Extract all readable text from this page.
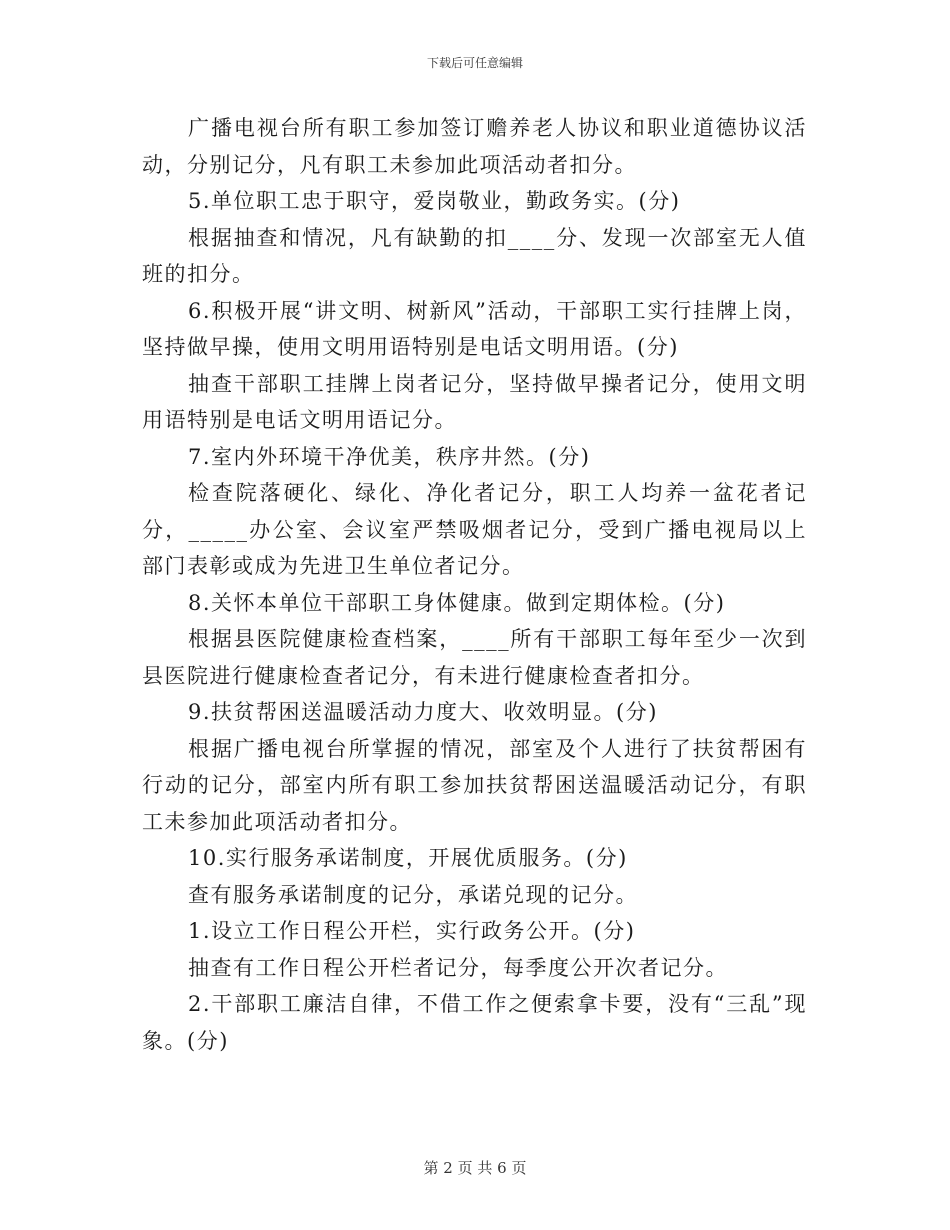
下载后可任意编辑

广播电视台所有职工参加签订赡养老人协议和职业道德协议活动，分别记分，凡有职工未参加此项活动者扣分。

5.单位职工忠于职守，爱岗敬业，勤政务实。(分)

根据抽查和情况，凡有缺勤的扣____分、发现一次部室无人值班的扣分。

6.积极开展“讲文明、树新风”活动，干部职工实行挂牌上岗，坚持做早操，使用文明用语特别是电话文明用语。(分)

抽查干部职工挂牌上岗者记分，坚持做早操者记分，使用文明用语特别是电话文明用语记分。

7.室内外环境干净优美，秩序井然。(分)

检查院落硬化、绿化、净化者记分，职工人均养一盆花者记分，_____办公室、会议室严禁吸烟者记分，受到广播电视局以上部门表彰或成为先进卫生单位者记分。

8.关怀本单位干部职工身体健康。做到定期体检。(分)

根据县医院健康检查档案，____所有干部职工每年至少一次到县医院进行健康检查者记分，有未进行健康检查者扣分。

9.扶贫帮困送温暖活动力度大、收效明显。(分)

根据广播电视台所掌握的情况，部室及个人进行了扶贫帮困有行动的记分，部室内所有职工参加扶贫帮困送温暖活动记分，有职工未参加此项活动者扣分。

10.实行服务承诺制度，开展优质服务。(分)

查有服务承诺制度的记分，承诺兑现的记分。

1.设立工作日程公开栏，实行政务公开。(分)

抽查有工作日程公开栏者记分，每季度公开次者记分。

2.干部职工廉洁自律，不借工作之便索拿卡要，没有“三乱”现象。(分)

第 2 页 共 6 页
